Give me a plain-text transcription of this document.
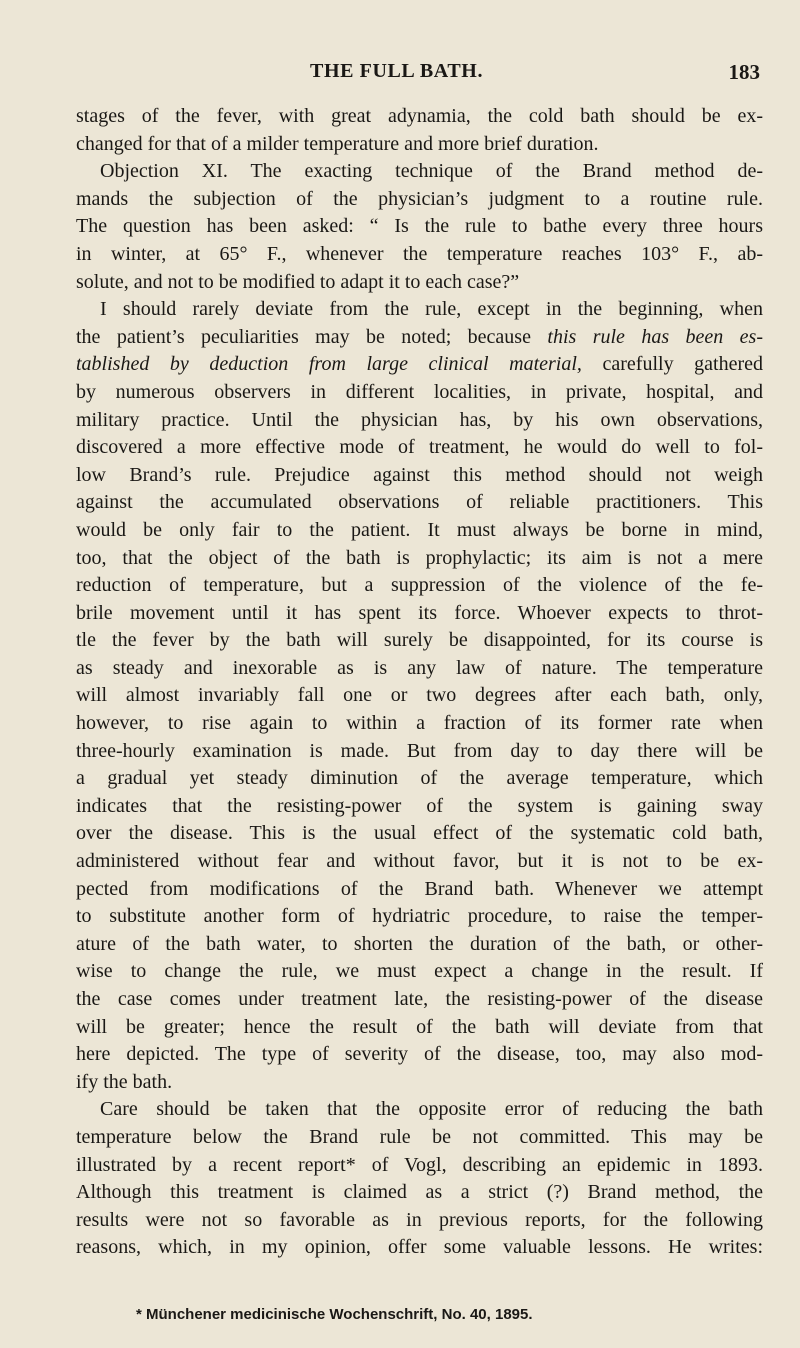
THE FULL BATH.	183
stages of the fever, with great adynamia, the cold bath should be ex-
changed for that of a milder temperature and more brief duration.
Objection XI. The exacting technique of the Brand method de-
mands the subjection of the physician’s judgment to a routine rule.
The question has been asked: “ Is the rule to bathe every three hours
in winter, at 65° F., whenever the temperature reaches 103° F., ab-
solute, and not to be modified to adapt it to each case?”
I should rarely deviate from the rule, except in the beginning, when
the patient’s peculiarities may be noted; because this rule has been es-
tablished by deduction from large clinical material, carefully gathered
by numerous observers in different localities, in private, hospital, and
military practice. Until the physician has, by his own observations,
discovered a more effective mode of treatment, he would do well to fol-
low Brand’s rule. Prejudice against this method should not weigh
against the accumulated observations of reliable practitioners. This
would be only fair to the patient. It must always be borne in mind,
too, that the object of the bath is prophylactic; its aim is not a mere
reduction of temperature, but a suppression of the violence of the fe-
brile movement until it has spent its force. Whoever expects to throt-
tle the fever by the bath will surely be disappointed, for its course is
as steady and inexorable as is any law of nature. The temperature
will almost invariably fall one or two degrees after each bath, only,
however, to rise again to within a fraction of its former rate when
three-hourly examination is made. But from day to day there will be
a gradual yet steady diminution of the average temperature, which
indicates that the resisting-power of the system is gaining sway
over the disease. This is the usual effect of the systematic cold bath,
administered without fear and without favor, but it is not to be ex-
pected from modifications of the Brand bath. Whenever we attempt
to substitute another form of hydriatric procedure, to raise the temper-
ature of the bath water, to shorten the duration of the bath, or other-
wise to change the rule, we must expect a change in the result. If
the case comes under treatment late, the resisting-power of the disease
will be greater; hence the result of the bath will deviate from that
here depicted. The type of severity of the disease, too, may also mod-
ify the bath.
Care should be taken that the opposite error of reducing the bath
temperature below the Brand rule be not committed. This may be
illustrated by a recent report* of Vogl, describing an epidemic in 1893.
Although this treatment is claimed as a strict (?) Brand method, the
results were not so favorable as in previous reports, for the following
reasons, which, in my opinion, offer some valuable lessons. He writes:
* Münchener medicinische Wochenschrift, No. 40, 1895.
